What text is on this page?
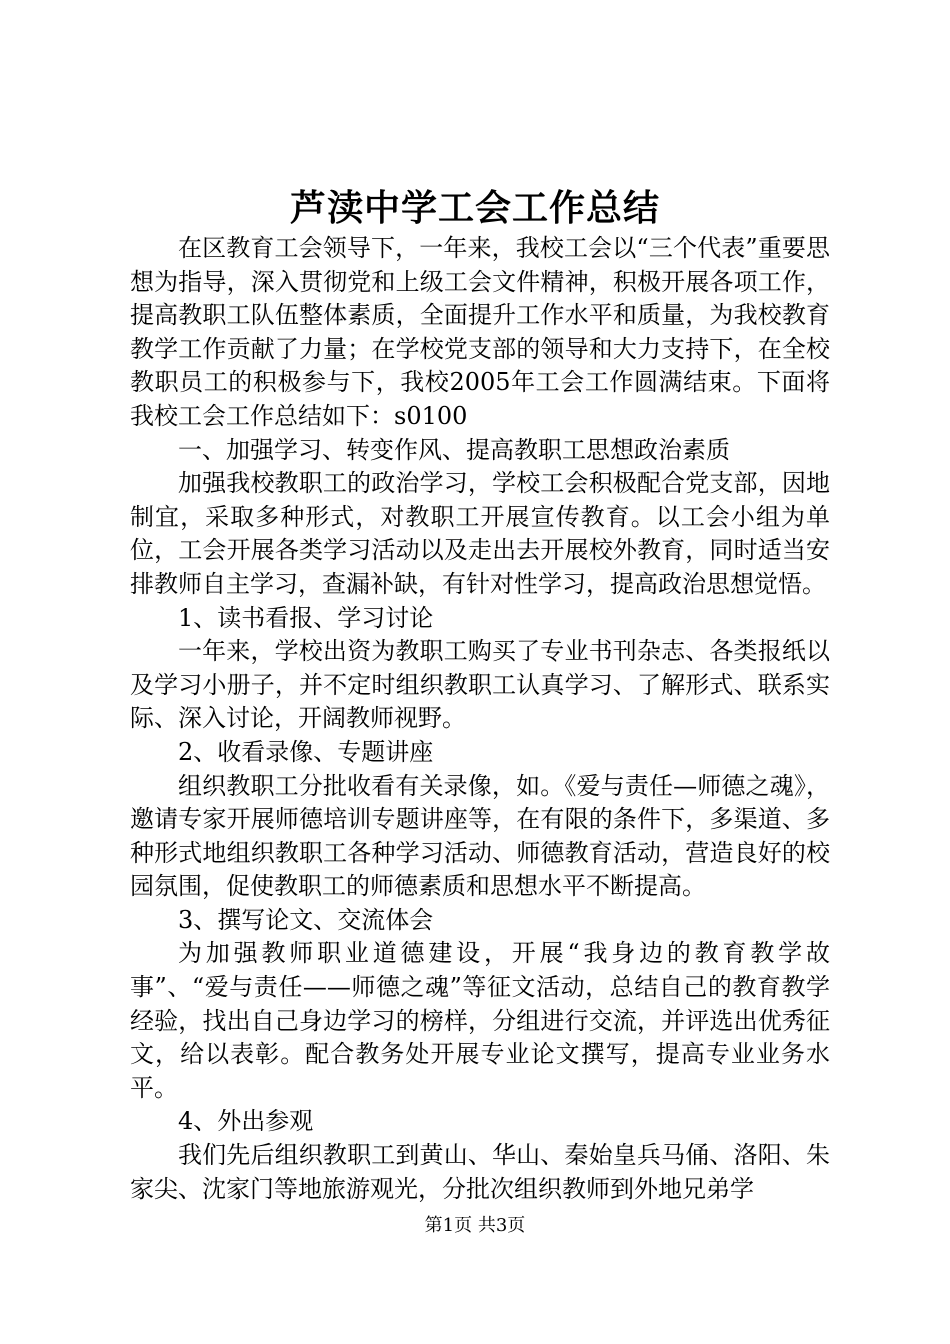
芦渎中学工会工作总结

在区教育工会领导下，一年来，我校工会以“三个代表”重要思想为指导，深入贯彻党和上级工会文件精神，积极开展各项工作，提高教职工队伍整体素质，全面提升工作水平和质量，为我校教育教学工作贡献了力量；在学校党支部的领导和大力支持下，在全校教职员工的积极参与下，我校2005年工会工作圆满结束。下面将我校工会工作总结如下：s0100

一、加强学习、转变作风、提高教职工思想政治素质

加强我校教职工的政治学习，学校工会积极配合党支部，因地制宜，采取多种形式，对教职工开展宣传教育。以工会小组为单位，工会开展各类学习活动以及走出去开展校外教育，同时适当安排教师自主学习，查漏补缺，有针对性学习，提高政治思想觉悟。

1、读书看报、学习讨论

一年来，学校出资为教职工购买了专业书刊杂志、各类报纸以及学习小册子，并不定时组织教职工认真学习、了解形式、联系实际、深入讨论，开阔教师视野。

2、收看录像、专题讲座

组织教职工分批收看有关录像，如。《爱与责任—师德之魂》，邀请专家开展师德培训专题讲座等，在有限的条件下，多渠道、多种形式地组织教职工各种学习活动、师德教育活动，营造良好的校园氛围，促使教职工的师德素质和思想水平不断提高。

3、撰写论文、交流体会

为加强教师职业道德建设，开展“我身边的教育教学故事”、“爱与责任——师德之魂”等征文活动，总结自己的教育教学经验，找出自己身边学习的榜样，分组进行交流，并评选出优秀征文，给以表彰。配合教务处开展专业论文撰写，提高专业业务水平。

4、外出参观

我们先后组织教职工到黄山、华山、秦始皇兵马俑、洛阳、朱家尖、沈家门等地旅游观光，分批次组织教师到外地兄弟学

第1页 共3页
